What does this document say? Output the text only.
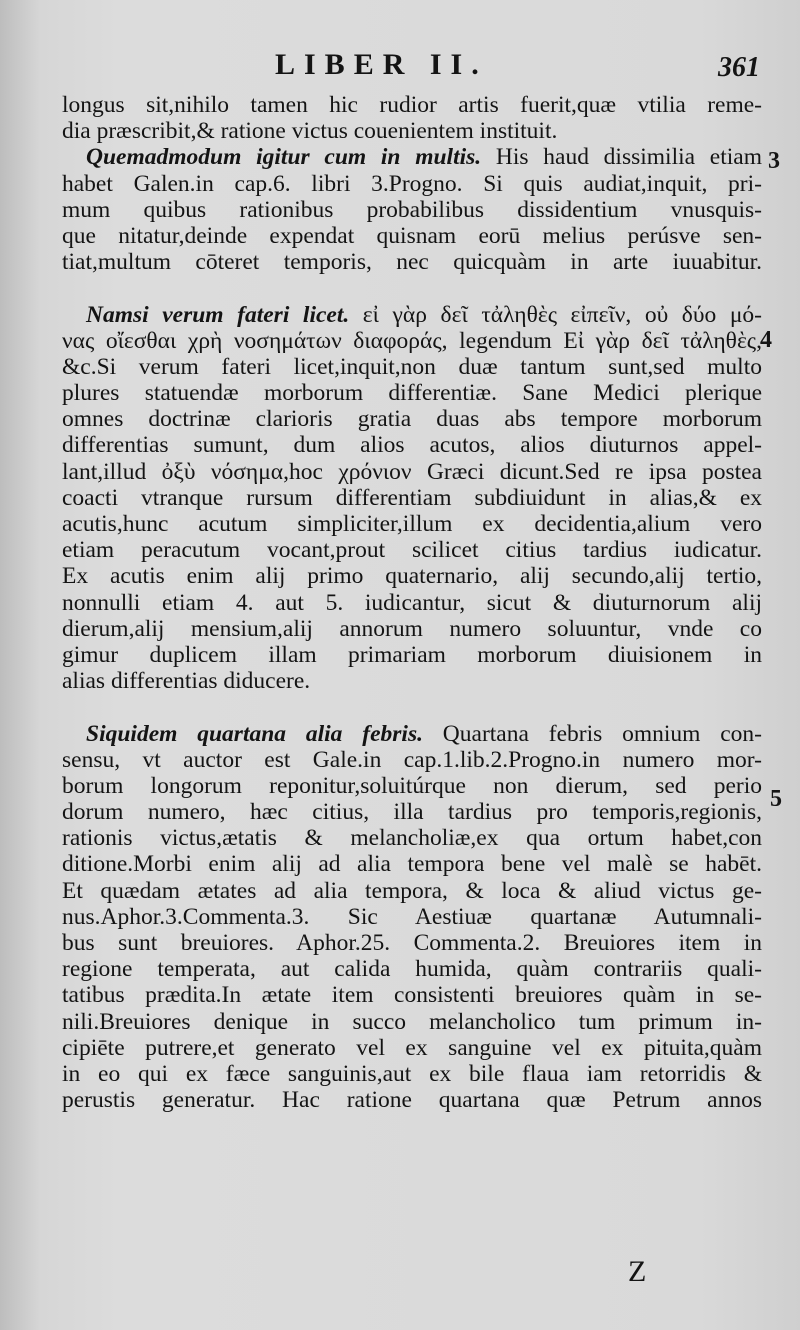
LIBER II.	361
3
4
5
longus sit,nihilo tamen hic rudior artis fuerit,quæ vtilia reme-
dia præscribit,& ratione victus couenientem instituit.
Quemadmodum igitur cum in multis. His haud dissimilia etiam
habet Galen.in cap.6. libri 3.Progno. Si quis audiat,inquit, pri-
mum quibus rationibus probabilibus dissidentium vnusquis-
que nitatur,deinde expendat quisnam eorū melius perúsve sen-
tiat,multum cōteret temporis, nec quicquàm in arte iuuabitur.
Namsi verum fateri licet. εἰ γὰρ δεῖ τἀληθὲς εἰπεῖν, οὐ δύο μό-
νας οἴεσθαι χρὴ νοσημάτων διαφοράς, legendum Εἰ γὰρ δεῖ τἀληθὲς,
&c.Si verum fateri licet,inquit,non duæ tantum sunt,sed multo
plures statuendæ morborum differentiæ. Sane Medici plerique
omnes doctrinæ clarioris gratia duas abs tempore morborum
differentias sumunt, dum alios acutos, alios diuturnos appel-
lant,illud ὀξὺ νόσημα,hoc χρόνιον Græci dicunt.Sed re ipsa postea
coacti vtranque rursum differentiam subdiuidunt in alias,& ex
acutis,hunc acutum simpliciter,illum ex decidentia,alium vero
etiam peracutum vocant,prout scilicet citius tardius iudicatur.
Ex acutis enim alij primo quaternario, alij secundo,alij tertio,
nonnulli etiam 4. aut 5. iudicantur, sicut & diuturnorum alij
dierum,alij mensium,alij annorum numero soluuntur, vnde co
gimur duplicem illam primariam morborum diuisionem in
alias differentias diducere.
Siquidem quartana alia febris. Quartana febris omnium con-
sensu, vt auctor est Gale.in cap.1.lib.2.Progno.in numero mor-
borum longorum reponitur,soluitúrque non dierum, sed perio
dorum numero, hæc citius, illa tardius pro temporis,regionis,
rationis victus,ætatis & melancholiæ,ex qua ortum habet,con
ditione.Morbi enim alij ad alia tempora bene vel malè se habēt.
Et quædam ætates ad alia tempora, & loca & aliud victus ge-
nus.Aphor.3.Commenta.3. Sic Aestiuæ quartanæ Autumnali-
bus sunt breuiores. Aphor.25. Commenta.2. Breuiores item in
regione temperata, aut calida humida, quàm contrariis quali-
tatibus prædita.In ætate item consistenti breuiores quàm in se-
nili.Breuiores denique in succo melancholico tum primum in-
cipiēte putrere,et generato vel ex sanguine vel ex pituita,quàm
in eo qui ex fæce sanguinis,aut ex bile flaua iam retorridis &
perustis generatur. Hac ratione quartana quæ Petrum annos
Z
